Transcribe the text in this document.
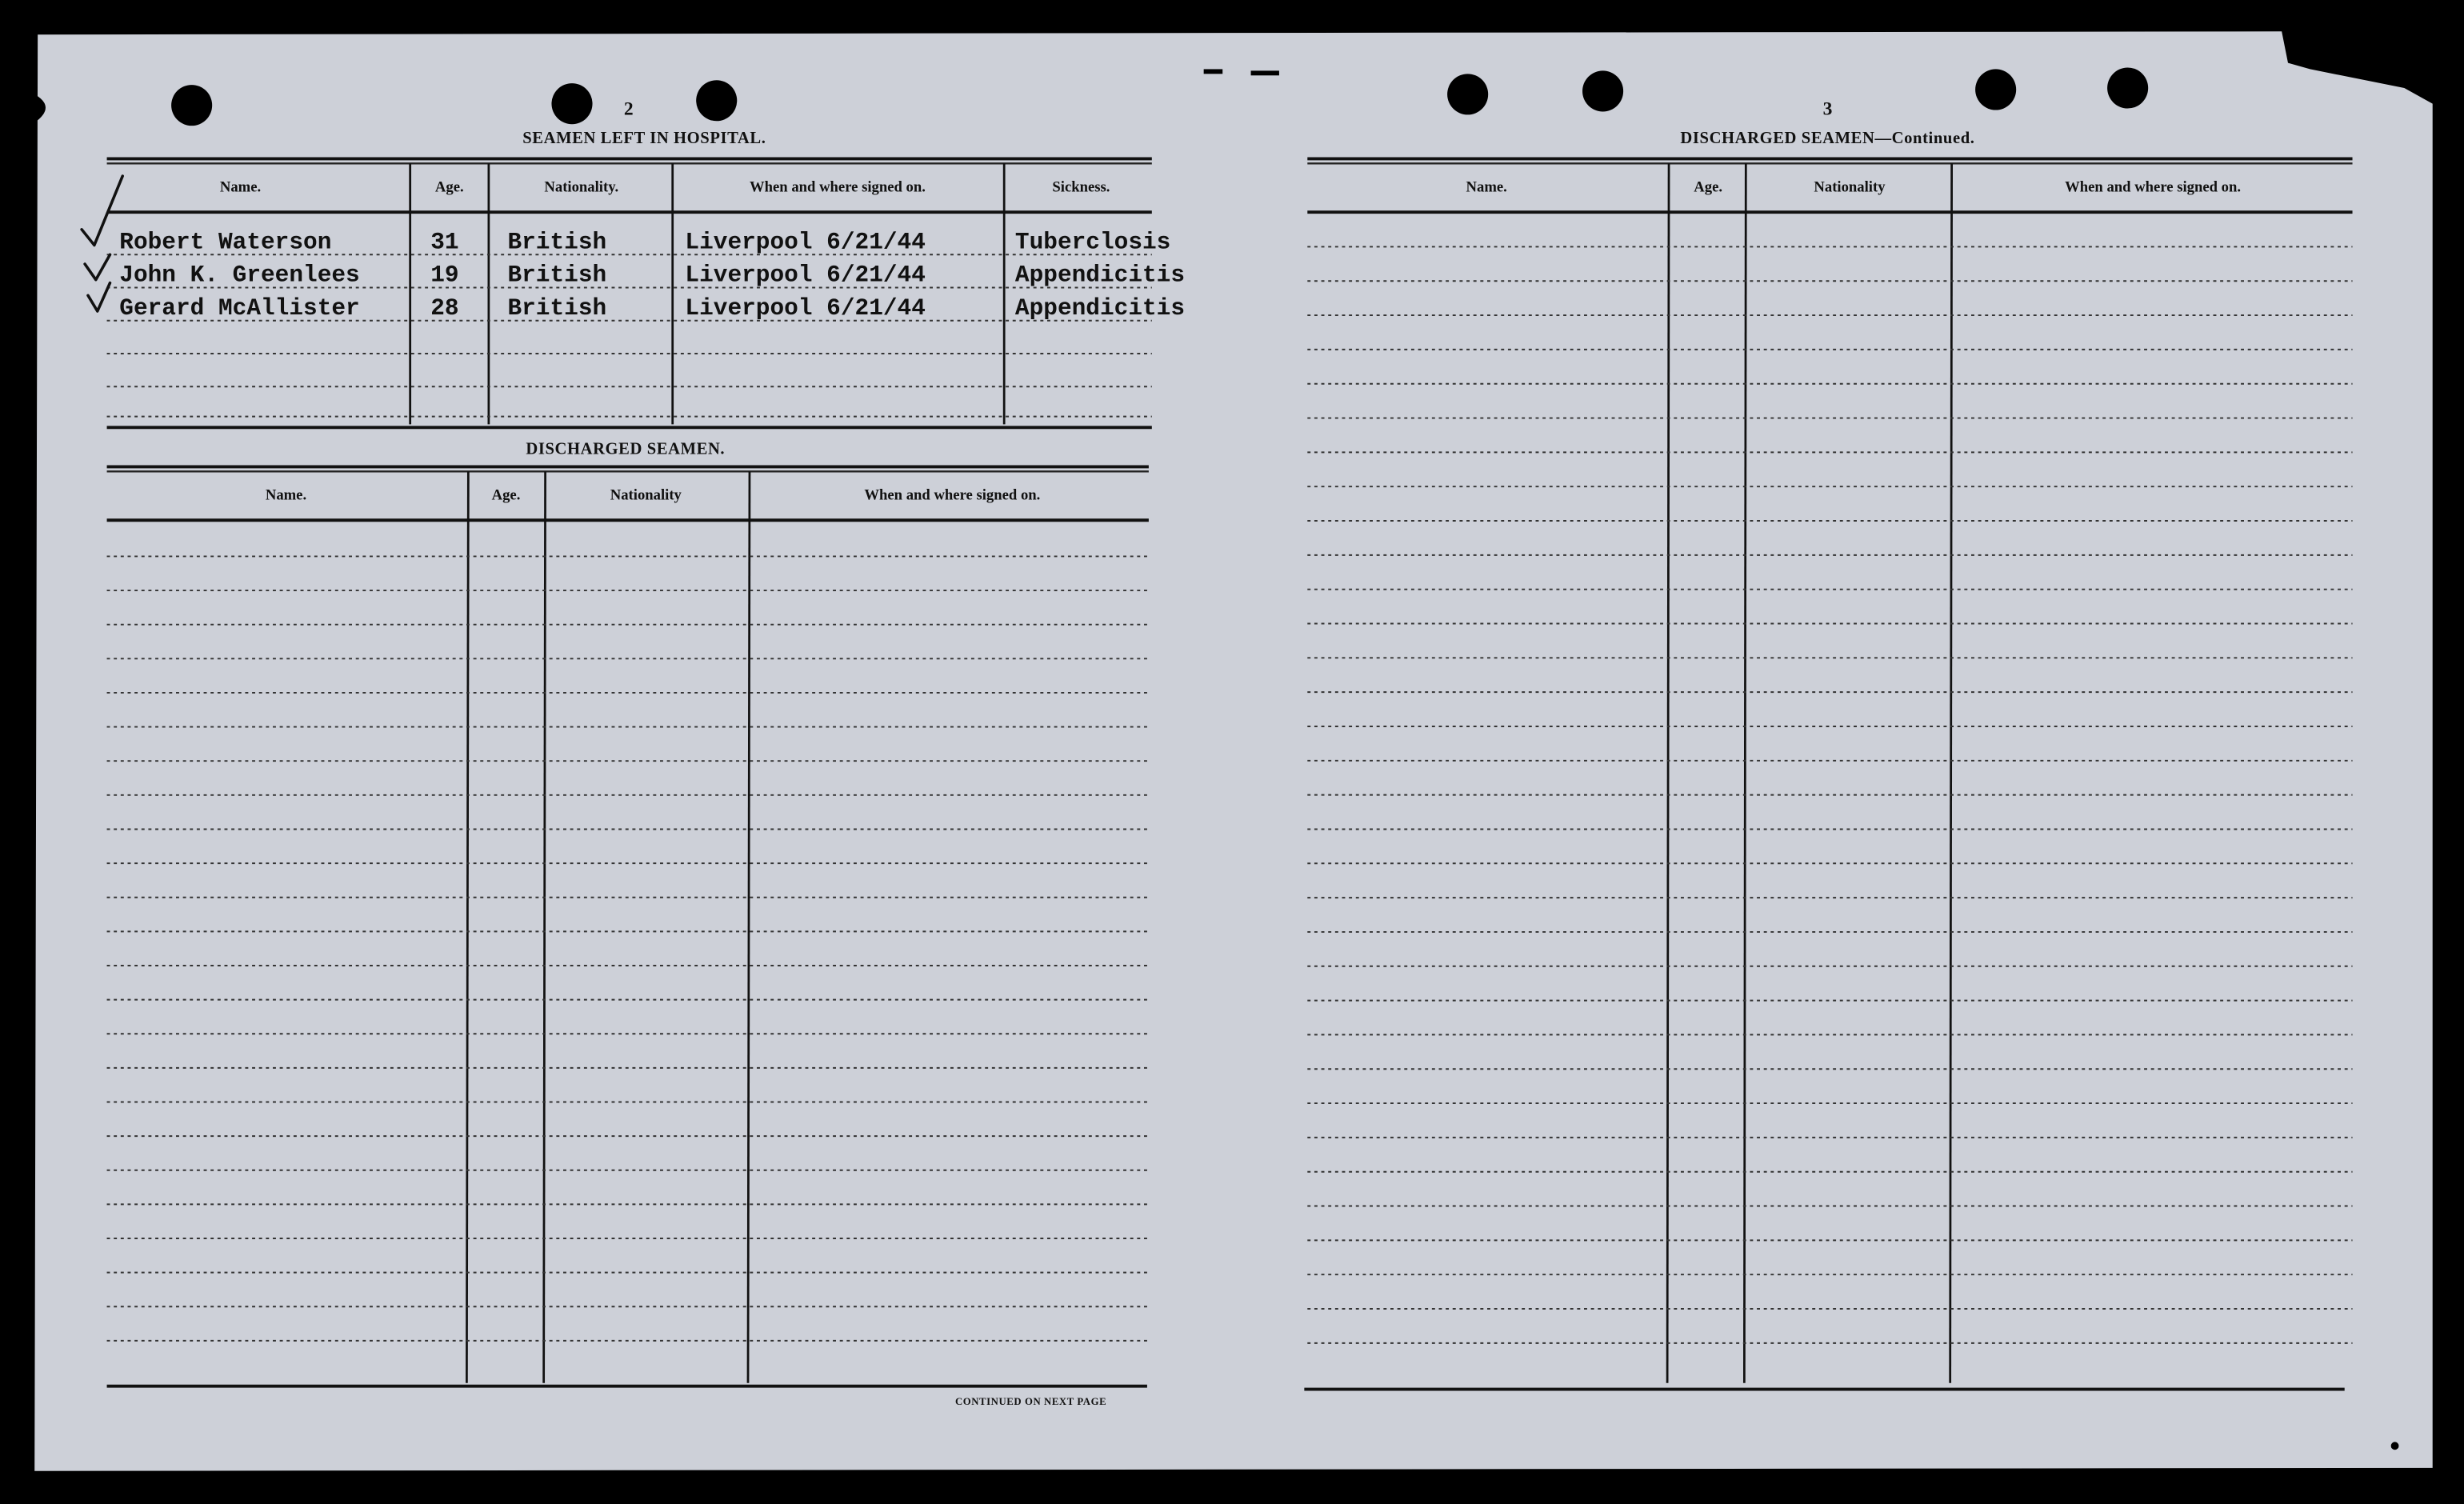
2
SEAMEN LEFT IN HOSPITAL.
Name.	Age.	Nationality.	When and where signed on.	Sickness.
Robert Waterson	31	British	Liverpool 6/21/44	Tuberclosis
John K. Greenlees	19	British	Liverpool 6/21/44	Appendicitis
Gerard McAllister	28	British	Liverpool 6/21/44	Appendicitis
DISCHARGED SEAMEN.
Name.	Age.	Nationality	When and where signed on.
CONTINUED ON NEXT PAGE
3
DISCHARGED SEAMEN—Continued.
Name.	Age.	Nationality	When and where signed on.
